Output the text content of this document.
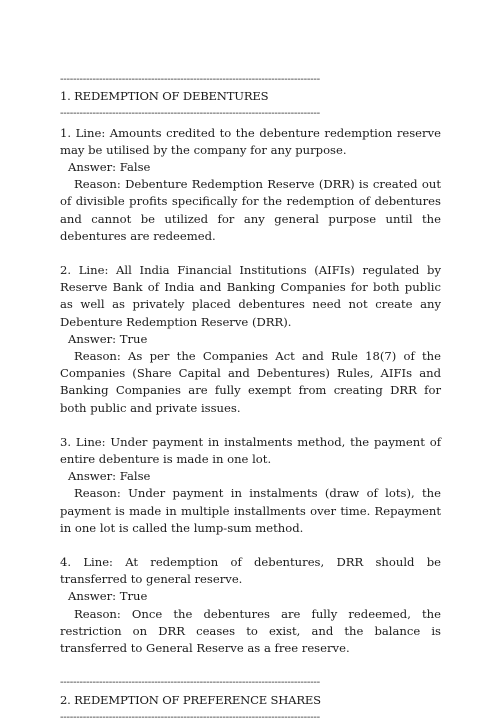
--------------------------------------------------------------------------------
1. REDEMPTION OF DEBENTURES
--------------------------------------------------------------------------------

1. Line: Amounts credited to the debenture redemption reserve may be utilised by the company for any purpose.

Answer: False

Reason: Debenture Redemption Reserve (DRR) is created out of divisible profits specifically for the redemption of debentures and cannot be utilized for any general purpose until the debentures are redeemed.

2. Line: All India Financial Institutions (AIFIs) regulated by Reserve Bank of India and Banking Companies for both public as well as privately placed debentures need not create any Debenture Redemption Reserve (DRR).

Answer: True

Reason: As per the Companies Act and Rule 18(7) of the Companies (Share Capital and Debentures) Rules, AIFIs and Banking Companies are fully exempt from creating DRR for both public and private issues.

3. Line: Under payment in instalments method, the payment of entire debenture is made in one lot.

Answer: False

Reason: Under payment in instalments (draw of lots), the payment is made in multiple installments over time. Repayment in one lot is called the lump-sum method.

4. Line: At redemption of debentures, DRR should be transferred to general reserve.

Answer: True

Reason: Once the debentures are fully redeemed, the restriction on DRR ceases to exist, and the balance is transferred to General Reserve as a free reserve.

--------------------------------------------------------------------------------
2. REDEMPTION OF PREFERENCE SHARES
--------------------------------------------------------------------------------
